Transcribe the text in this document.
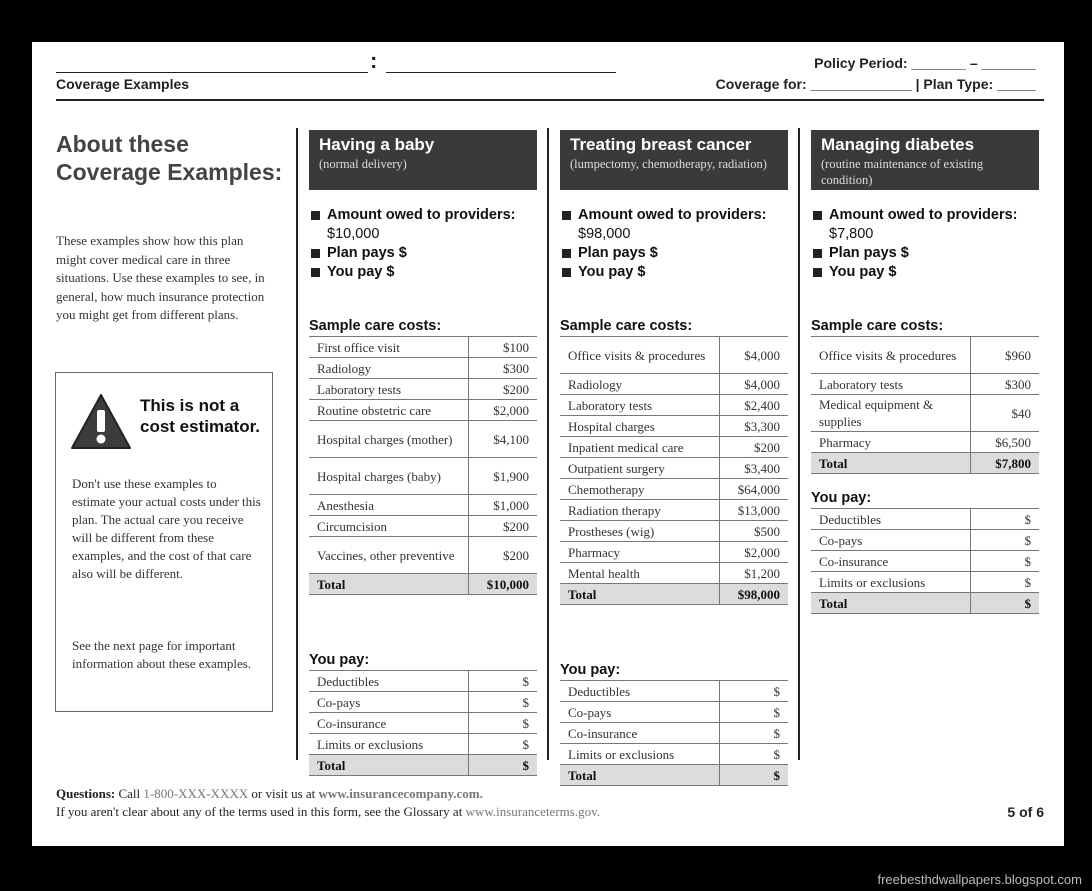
:	Policy Period: _______ – _______
Coverage Examples	Coverage for: _____________ | Plan Type: _____
About these Coverage Examples:
These examples show how this plan might cover medical care in three situations. Use these examples to see, in general, how much insurance protection you might get from different plans.
This is not a cost estimator.
Don't use these examples to estimate your actual costs under this plan. The actual care you receive will be different from these examples, and the cost of that care also will be different.
See the next page for important information about these examples.
Having a baby
(normal delivery)
Amount owed to providers:
$10,000
Plan pays $
You pay $
Sample care costs:
First office visit	$100
Radiology	$300
Laboratory tests	$200
Routine obstetric care	$2,000
Hospital charges (mother)	$4,100
Hospital charges (baby)	$1,900
Anesthesia	$1,000
Circumcision	$200
Vaccines, other preventive	$200
Total	$10,000
You pay:
Deductibles	$
Co-pays	$
Co-insurance	$
Limits or exclusions	$
Total	$
Treating breast cancer
(lumpectomy, chemotherapy, radiation)
Amount owed to providers:
$98,000
Plan pays $
You pay $
Sample care costs:
Office visits & procedures	$4,000
Radiology	$4,000
Laboratory tests	$2,400
Hospital charges	$3,300
Inpatient medical care	$200
Outpatient surgery	$3,400
Chemotherapy	$64,000
Radiation therapy	$13,000
Prostheses (wig)	$500
Pharmacy	$2,000
Mental health	$1,200
Total	$98,000
You pay:
Deductibles	$
Co-pays	$
Co-insurance	$
Limits or exclusions	$
Total	$
Managing diabetes
(routine maintenance of existing condition)
Amount owed to providers:
$7,800
Plan pays $
You pay $
Sample care costs:
Office visits & procedures	$960
Laboratory tests	$300
Medical equipment & supplies	$40
Pharmacy	$6,500
Total	$7,800
You pay:
Deductibles	$
Co-pays	$
Co-insurance	$
Limits or exclusions	$
Total	$
Questions: Call 1-800-XXX-XXXX or visit us at www.insurancecompany.com.
If you aren't clear about any of the terms used in this form, see the Glossary at www.insuranceterms.gov.	5 of 6
freebesthdwallpapers.blogspot.com
